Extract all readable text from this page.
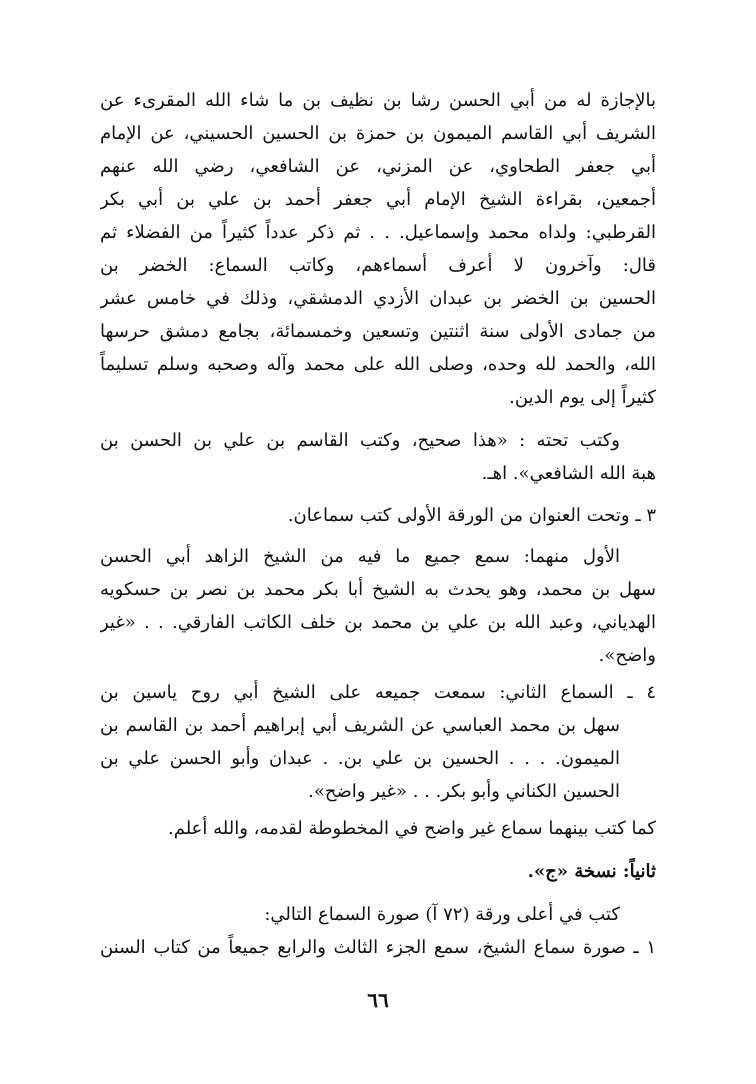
بالإجازة له من أبي الحسن رشا بن نظيف بن ما شاء الله المقرىء عن
الشريف أبي القاسم الميمون بن حمزة بن الحسين الحسيني، عن الإمام
أبي جعفر الطحاوي، عن المزني، عن الشافعي، رضي الله عنهم
أجمعين، بقراءة الشيخ الإمام أبي جعفر أحمد بن علي بن أبي بكر
القرطبي: ولداه محمد وإسماعيل. . . ثم ذكر عدداً كثيراً من الفضلاء ثم
قال: وآخرون لا أعرف أسماءهم، وكاتب السماع: الخضر بن
الحسين بن الخضر بن عبدان الأزدي الدمشقي، وذلك في خامس عشر
من جمادى الأولى سنة اثنتين وتسعين وخمسمائة، بجامع دمشق حرسها
الله، والحمد لله وحده، وصلى الله على محمد وآله وصحبه وسلم تسليماً
كثيراً إلى يوم الدين.
وكتب تحته : «هذا صحيح، وكتب القاسم بن علي بن الحسن بن
هبة الله الشافعي». اهـ.
٣ ـ وتحت العنوان من الورقة الأولى كتب سماعان.
الأول منهما: سمع جميع ما فيه من الشيخ الزاهد أبي الحسن
سهل بن محمد، وهو يحدث به الشيخ أبا بكر محمد بن نصر بن حسكويه
الهدياني، وعبد الله بن علي بن محمد بن خلف الكاتب الفارقي. . . «غير
واضح».
٤ ـ السماع الثاني: سمعت جميعه على الشيخ أبي روح ياسين بن
سهل بن محمد العباسي عن الشريف أبي إبراهيم أحمد بن القاسم بن
الميمون. . . . الحسين بن علي بن. . عبدان وأبو الحسن علي بن
الحسين الكناني وأبو بكر. . . «غير واضح».
كما كتب بينهما سماع غير واضح في المخطوطة لقدمه، والله أعلم.
ثانياً: نسخة «ج».
كتب في أعلى ورقة (٧٢ آ) صورة السماع التالي:
١ ـ صورة سماع الشيخ، سمع الجزء الثالث والرابع جميعاً من كتاب السنن
٦٦
